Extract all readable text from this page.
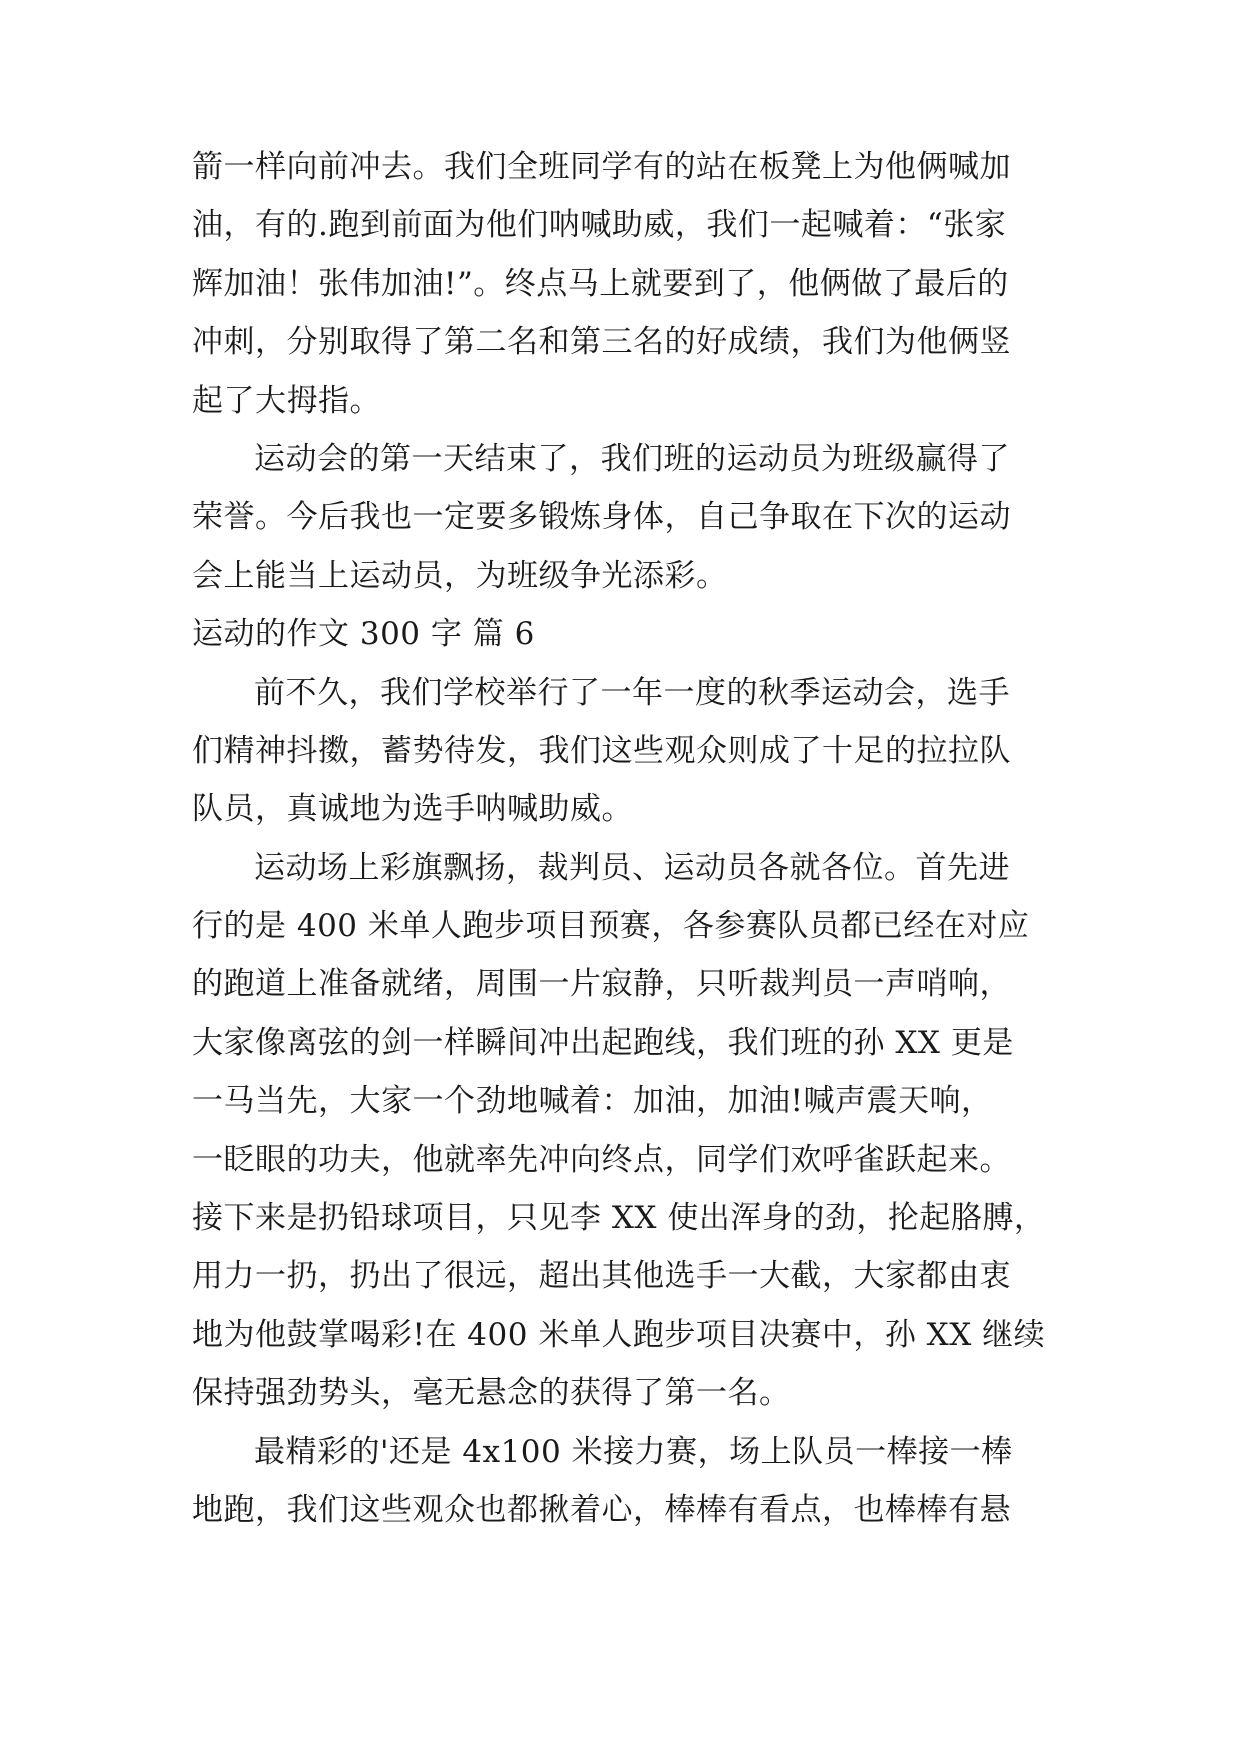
箭一样向前冲去。我们全班同学有的站在板凳上为他俩喊加
油，有的.跑到前面为他们呐喊助威，我们一起喊着：“张家
辉加油！张伟加油!”。终点马上就要到了，他俩做了最后的
冲刺，分别取得了第二名和第三名的好成绩，我们为他俩竖
起了大拇指。
运动会的第一天结束了，我们班的运动员为班级赢得了
荣誉。今后我也一定要多锻炼身体，自己争取在下次的运动
会上能当上运动员，为班级争光添彩。
运动的作文 300 字 篇 6
前不久，我们学校举行了一年一度的秋季运动会，选手
们精神抖擞，蓄势待发，我们这些观众则成了十足的拉拉队
队员，真诚地为选手呐喊助威。
运动场上彩旗飘扬，裁判员、运动员各就各位。首先进
行的是 400 米单人跑步项目预赛，各参赛队员都已经在对应
的跑道上准备就绪，周围一片寂静，只听裁判员一声哨响，
大家像离弦的剑一样瞬间冲出起跑线，我们班的孙 XX 更是
一马当先，大家一个劲地喊着：加油，加油!喊声震天响，
一眨眼的功夫，他就率先冲向终点，同学们欢呼雀跃起来。
接下来是扔铅球项目，只见李 XX 使出浑身的劲，抡起胳膊，
用力一扔，扔出了很远，超出其他选手一大截，大家都由衷
地为他鼓掌喝彩!在 400 米单人跑步项目决赛中，孙 XX 继续
保持强劲势头，毫无悬念的获得了第一名。
最精彩的'还是 4x100 米接力赛，场上队员一棒接一棒
地跑，我们这些观众也都揪着心，棒棒有看点，也棒棒有悬
